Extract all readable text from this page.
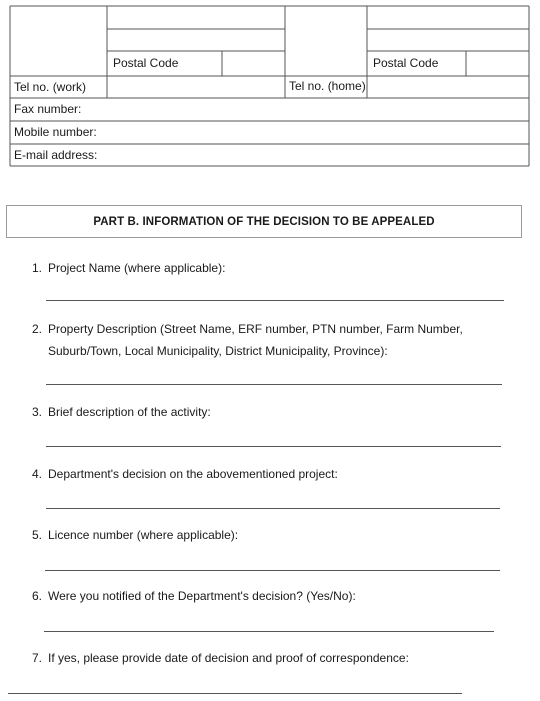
Postal Code	Postal Code
Tel no. (work)	Tel no. (home)
Fax number:
Mobile number:
E-mail address:
PART B. INFORMATION OF THE DECISION TO BE APPEALED
1. Project Name (where applicable):
2. Property Description (Street Name, ERF number, PTN number, Farm Number, Suburb/Town, Local Municipality, District Municipality, Province):
3. Brief description of the activity:
4. Department's decision on the abovementioned project:
5. Licence number (where applicable):
6. Were you notified of the Department's decision? (Yes/No):
7. If yes, please provide date of decision and proof of correspondence:
